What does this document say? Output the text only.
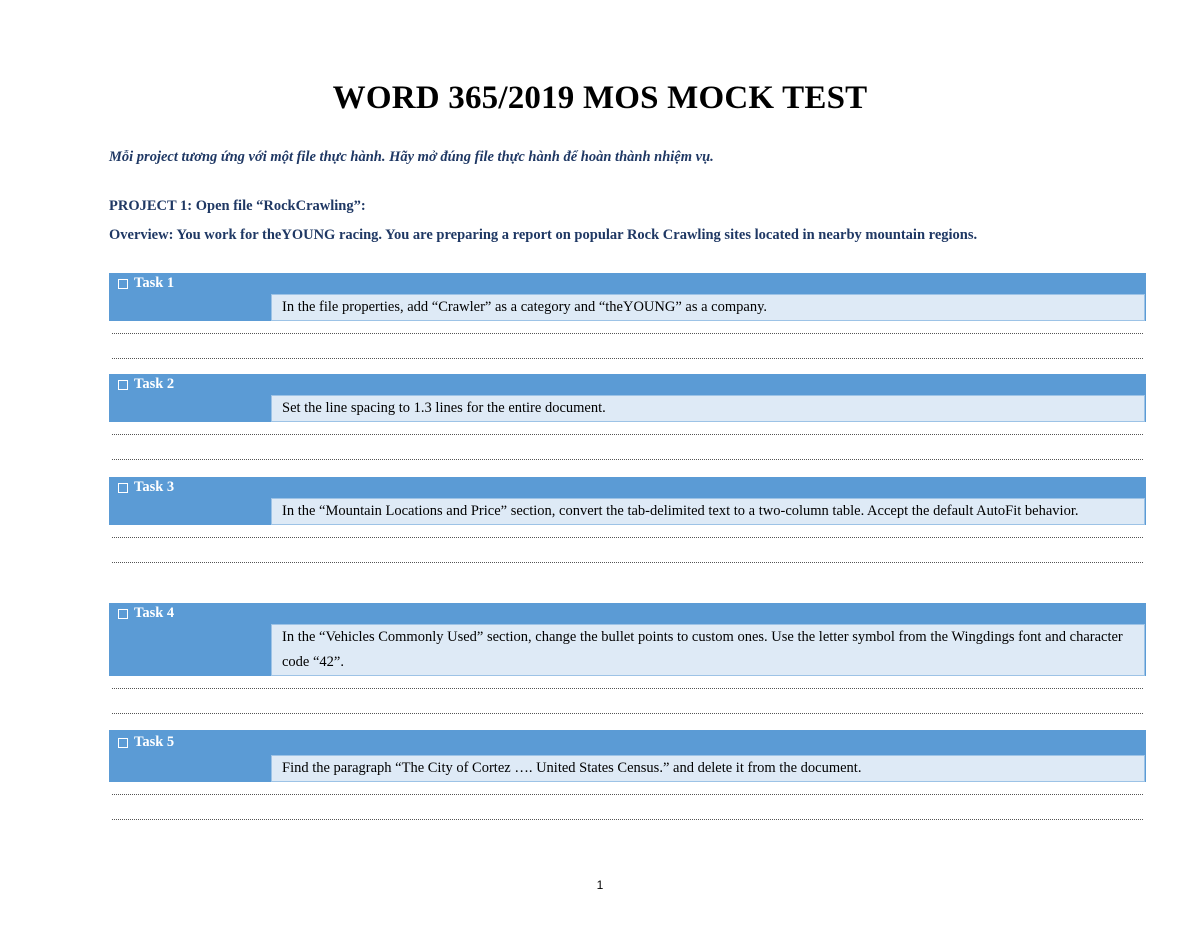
WORD 365/2019 MOS MOCK TEST
Mỗi project tương ứng với một file thực hành. Hãy mở đúng file thực hành để hoàn thành nhiệm vụ.
PROJECT 1: Open file “RockCrawling”:
Overview: You work for theYOUNG racing. You are preparing a report on popular Rock Crawling sites located in nearby mountain regions.
Task 1
In the file properties, add “Crawler” as a category and “theYOUNG” as a company.
Task 2
Set the line spacing to 1.3 lines for the entire document.
Task 3
In the “Mountain Locations and Price” section, convert the tab-delimited text to a two-column table. Accept the default AutoFit behavior.
Task 4
In the “Vehicles Commonly Used” section, change the bullet points to custom ones. Use the letter symbol from the Wingdings font and character code “42”.
Task 5
Find the paragraph “The City of Cortez …. United States Census.” and delete it from the document.
1
